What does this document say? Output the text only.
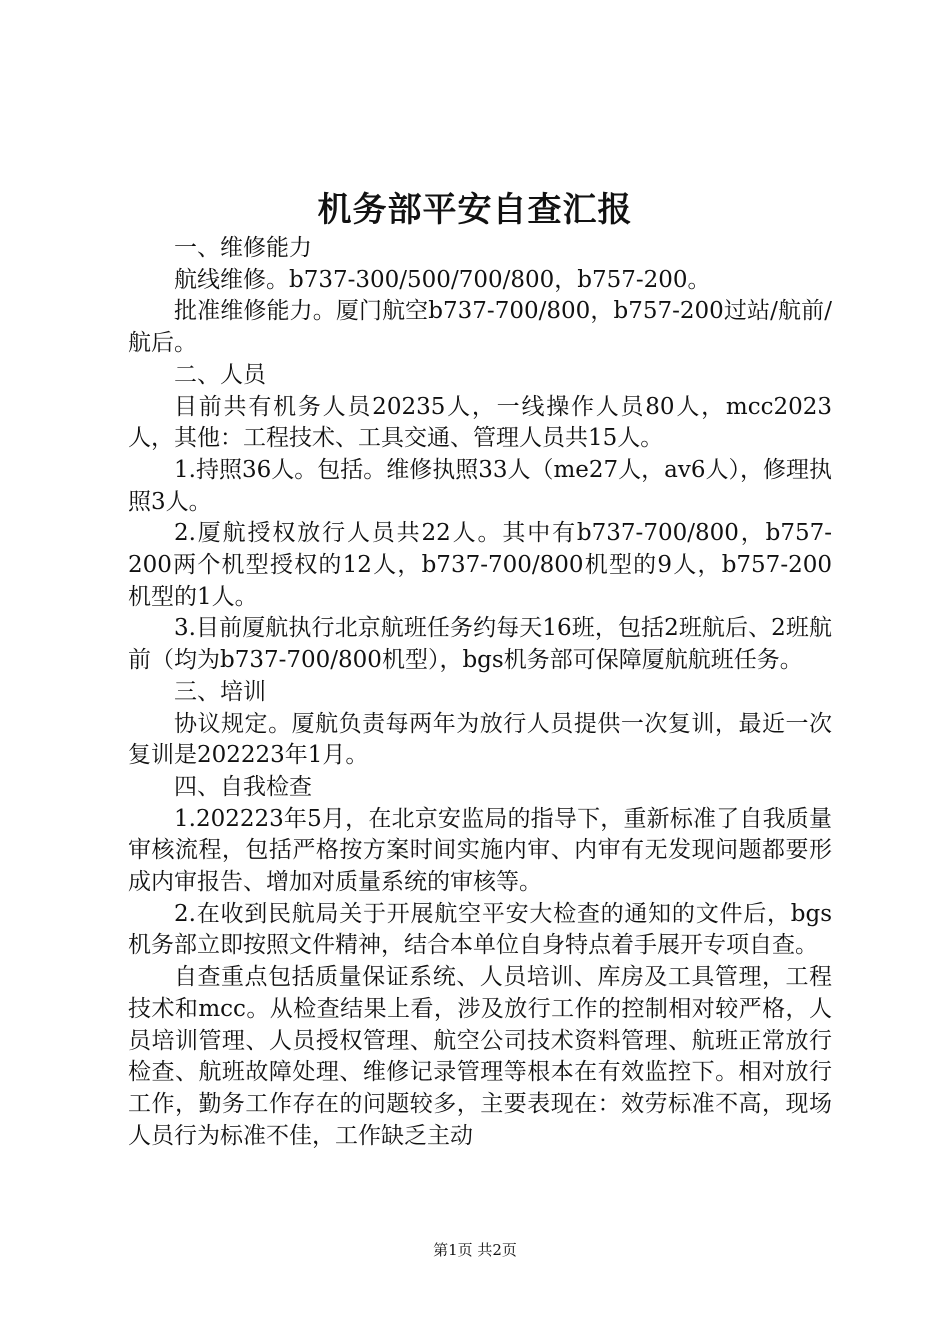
机务部平安自查汇报

一、维修能力

航线维修。b737-300/500/700/800，b757-200。

批准维修能力。厦门航空b737-700/800，b757-200过站/航前/航后。

二、人员

目前共有机务人员20235人，一线操作人员80人，mcc2023人，其他：工程技术、工具交通、管理人员共15人。

1.持照36人。包括。维修执照33人（me27人，av6人），修理执照3人。

2.厦航授权放行人员共22人。其中有b737-700/800，b757-200两个机型授权的12人，b737-700/800机型的9人，b757-200机型的1人。

3.目前厦航执行北京航班任务约每天16班，包括2班航后、2班航前（均为b737-700/800机型），bgs机务部可保障厦航航班任务。

三、培训

协议规定。厦航负责每两年为放行人员提供一次复训，最近一次复训是202223年1月。

四、自我检查

1.202223年5月，在北京安监局的指导下，重新标准了自我质量审核流程，包括严格按方案时间实施内审、内审有无发现问题都要形成内审报告、增加对质量系统的审核等。

2.在收到民航局关于开展航空平安大检查的通知的文件后，bgs机务部立即按照文件精神，结合本单位自身特点着手展开专项自查。

自查重点包括质量保证系统、人员培训、库房及工具管理，工程技术和mcc。从检查结果上看，涉及放行工作的控制相对较严格，人员培训管理、人员授权管理、航空公司技术资料管理、航班正常放行检查、航班故障处理、维修记录管理等根本在有效监控下。相对放行工作，勤务工作存在的问题较多，主要表现在：效劳标准不高，现场人员行为标准不佳，工作缺乏主动

第1页 共2页
